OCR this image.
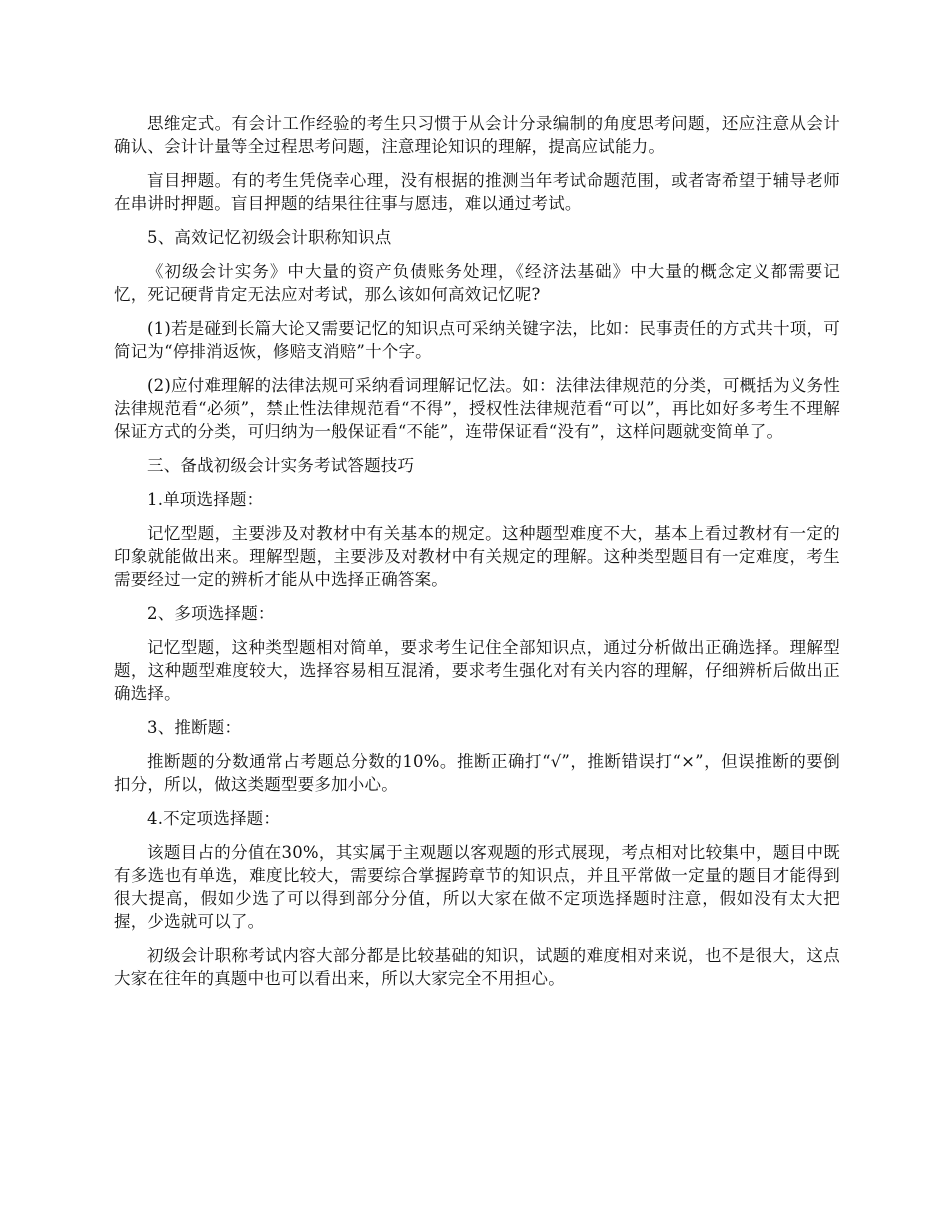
思维定式。有会计工作经验的考生只习惯于从会计分录编制的角度思考问题，还应注意从会计确认、会计计量等全过程思考问题，注意理论知识的理解，提高应试能力。

盲目押题。有的考生凭侥幸心理，没有根据的推测当年考试命题范围，或者寄希望于辅导老师在串讲时押题。盲目押题的结果往往事与愿违，难以通过考试。

5、高效记忆初级会计职称知识点

《初级会计实务》中大量的资产负债账务处理，《经济法基础》中大量的概念定义都需要记忆，死记硬背肯定无法应对考试，那么该如何高效记忆呢?

(1)若是碰到长篇大论又需要记忆的知识点可采纳关键字法，比如：民事责任的方式共十项，可简记为“停排消返恢，修赔支消赔”十个字。

(2)应付难理解的法律法规可采纳看词理解记忆法。如：法律法律规范的分类，可概括为义务性法律规范看“必须”，禁止性法律规范看“不得”，授权性法律规范看“可以”，再比如好多考生不理解保证方式的分类，可归纳为一般保证看“不能”，连带保证看“没有”，这样问题就变简单了。

三、备战初级会计实务考试答题技巧

1.单项选择题：

记忆型题，主要涉及对教材中有关基本的规定。这种题型难度不大，基本上看过教材有一定的印象就能做出来。理解型题，主要涉及对教材中有关规定的理解。这种类型题目有一定难度，考生需要经过一定的辨析才能从中选择正确答案。

2、多项选择题：

记忆型题，这种类型题相对简单，要求考生记住全部知识点，通过分析做出正确选择。理解型题，这种题型难度较大，选择容易相互混淆，要求考生强化对有关内容的理解，仔细辨析后做出正确选择。

3、推断题：

推断题的分数通常占考题总分数的10%。推断正确打“√”，推断错误打“×”，但误推断的要倒扣分，所以，做这类题型要多加小心。

4.不定项选择题：

该题目占的分值在30%，其实属于主观题以客观题的形式展现，考点相对比较集中，题目中既有多选也有单选，难度比较大，需要综合掌握跨章节的知识点，并且平常做一定量的题目才能得到很大提高，假如少选了可以得到部分分值，所以大家在做不定项选择题时注意，假如没有太大把握，少选就可以了。

初级会计职称考试内容大部分都是比较基础的知识，试题的难度相对来说，也不是很大，这点大家在往年的真题中也可以看出来，所以大家完全不用担心。
